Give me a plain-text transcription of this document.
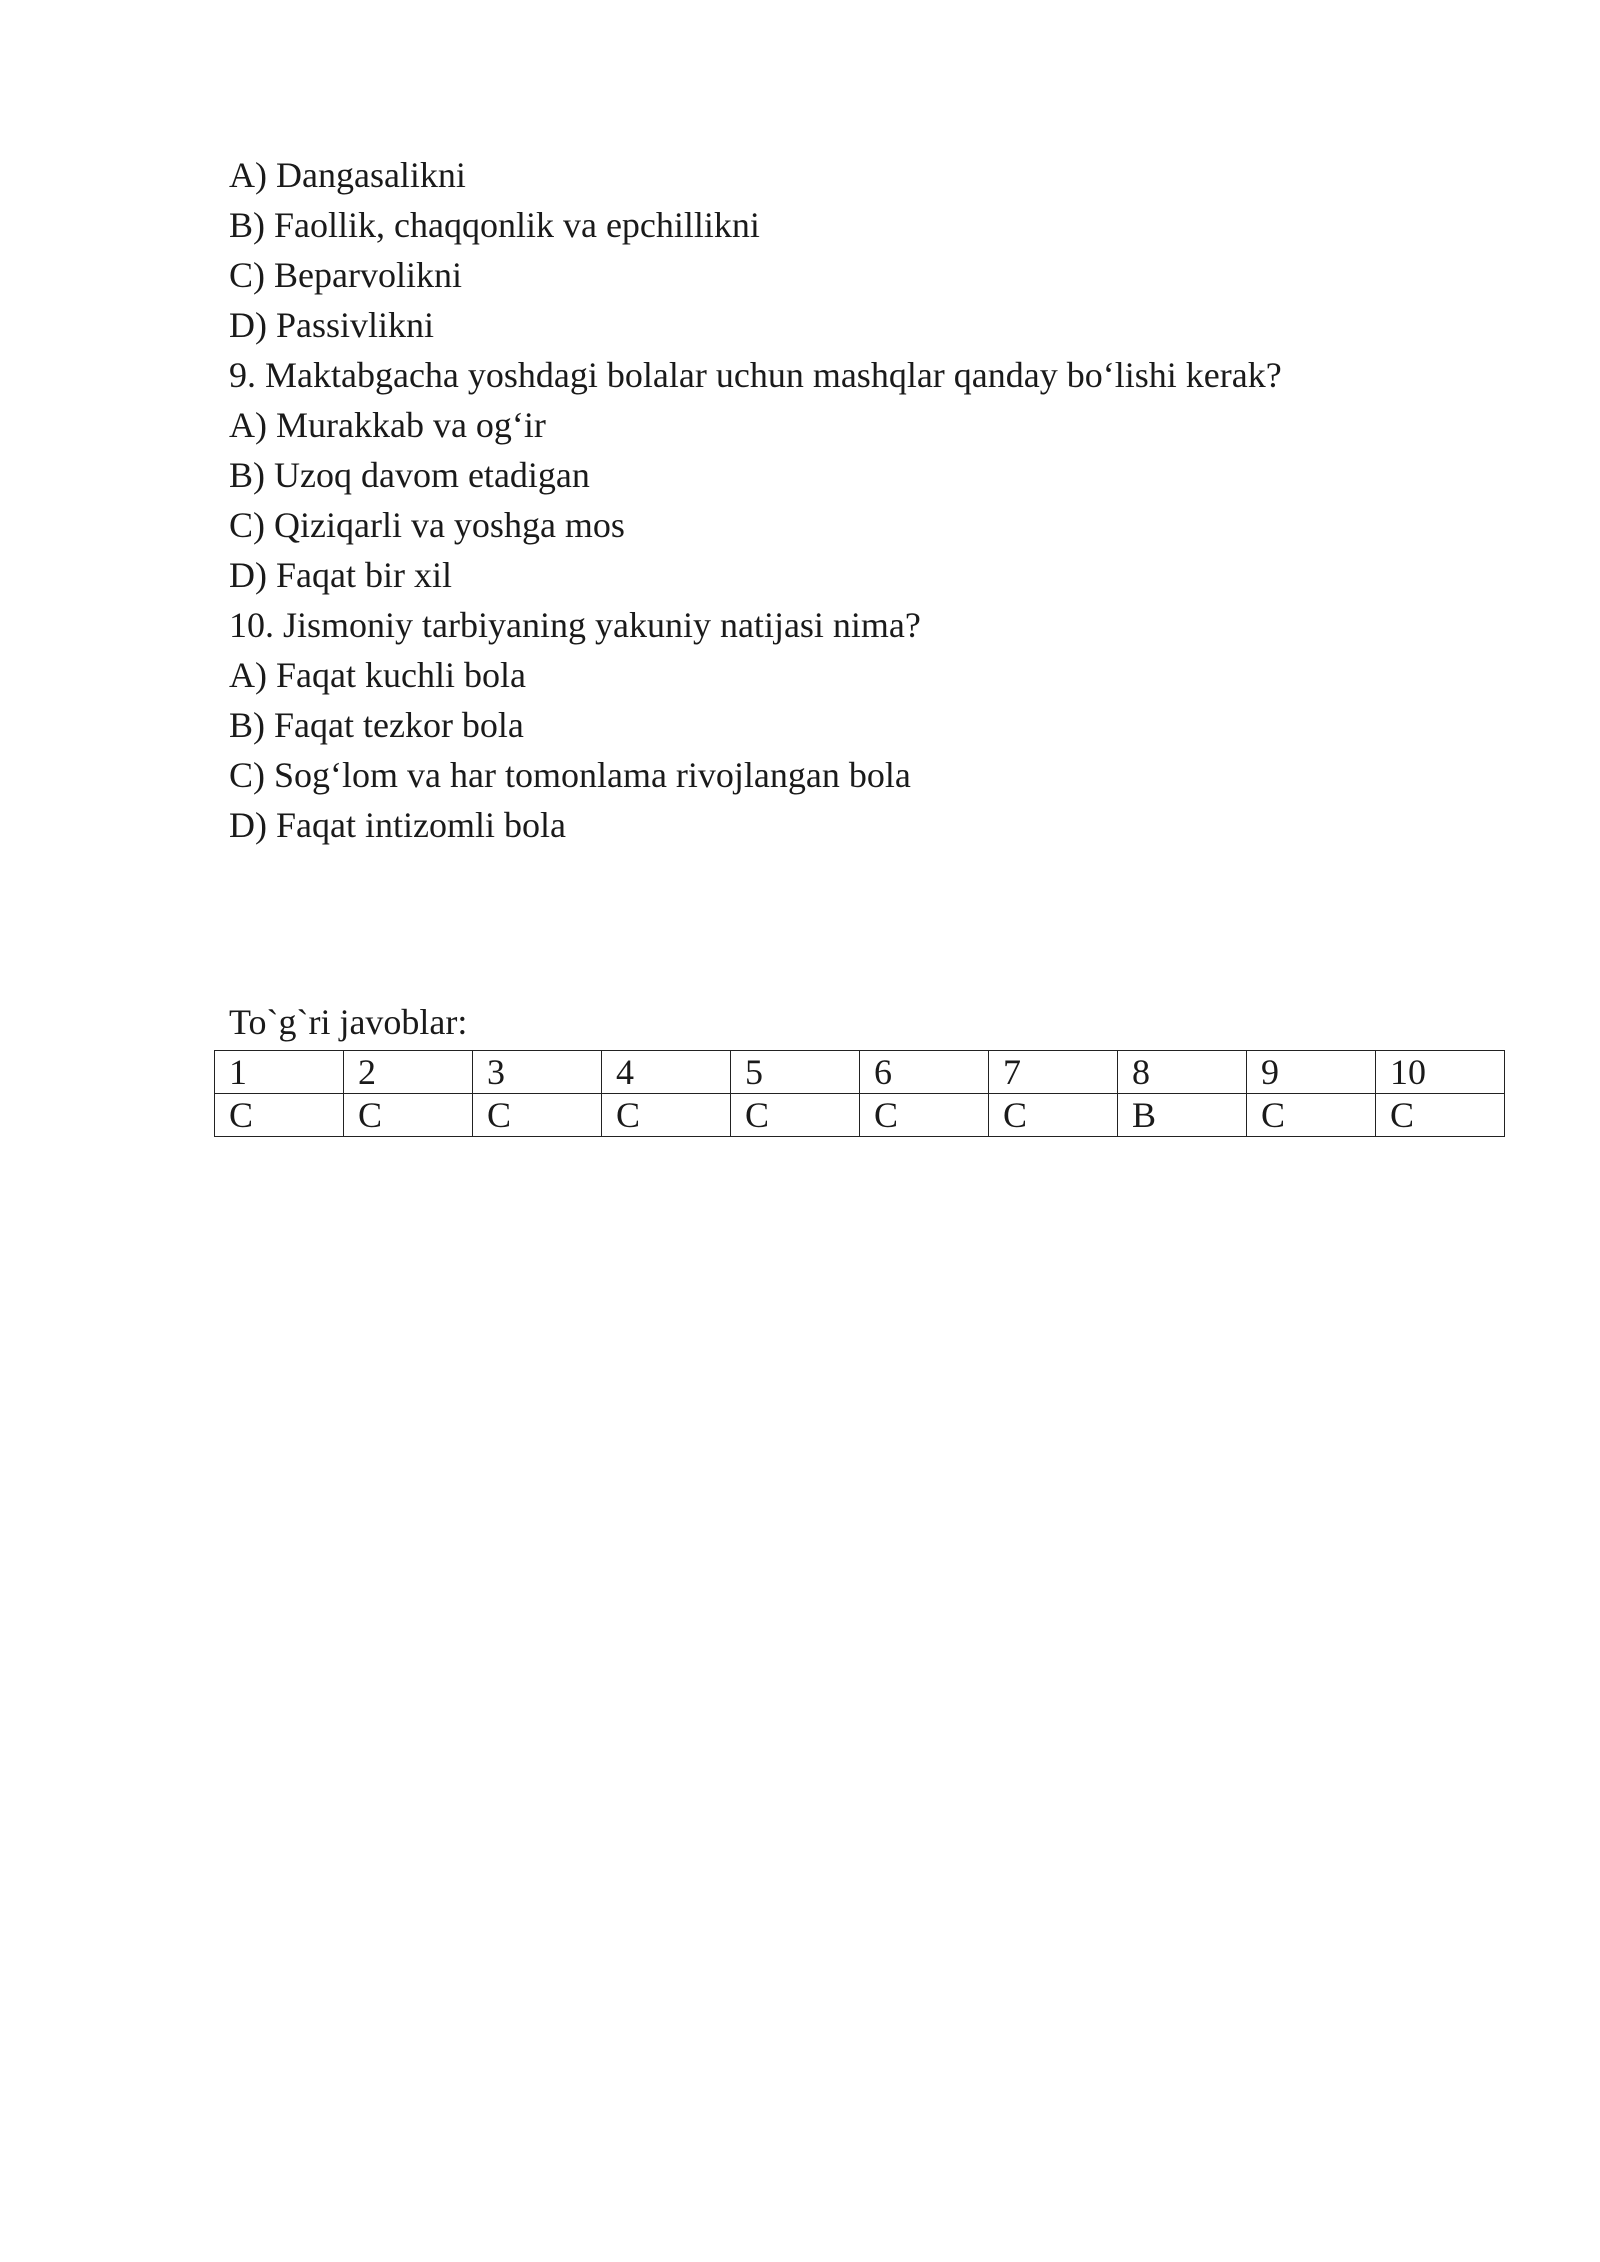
A) Dangasalikni
B) Faollik, chaqqonlik va epchillikni
C) Beparvolikni
D) Passivlikni
9. Maktabgacha yoshdagi bolalar uchun mashqlar qanday bo‘lishi kerak?
A) Murakkab va og‘ir
B) Uzoq davom etadigan
C) Qiziqarli va yoshga mos
D) Faqat bir xil
10. Jismoniy tarbiyaning yakuniy natijasi nima?
A) Faqat kuchli bola
B) Faqat tezkor bola
C) Sog‘lom va har tomonlama rivojlangan bola
D) Faqat intizomli bola
To`g`ri javoblar:
1	2	3	4	5	6	7	8	9	10
C	C	C	C	C	C	C	B	C	C
